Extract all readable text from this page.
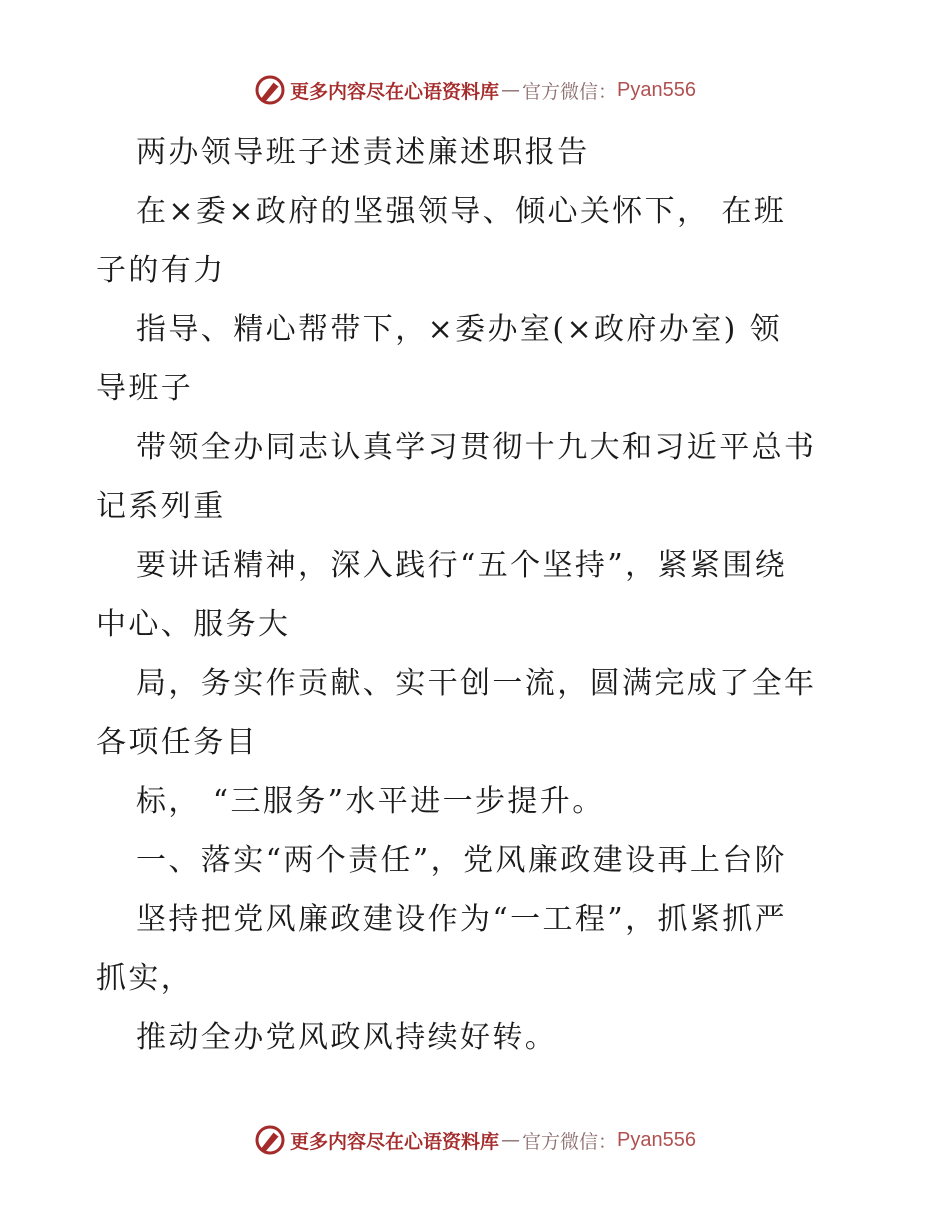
更多内容尽在心语资料库 — 官方微信： Pyan556
两办领导班子述责述廉述职报告
在×委×政府的坚强领导、倾心关怀下， 在班
子的有力
指导、精心帮带下，×委办室(×政府办室) 领
导班子
带领全办同志认真学习贯彻十九大和习近平总书
记系列重
要讲话精神，深入践行“五个坚持”，紧紧围绕
中心、服务大
局，务实作贡献、实干创一流，圆满完成了全年
各项任务目
标， “三服务”水平进一步提升。
一、落实“两个责任”，党风廉政建设再上台阶
坚持把党风廉政建设作为“一工程”，抓紧抓严
抓实，
推动全办党风政风持续好转。
更多内容尽在心语资料库 — 官方微信： Pyan556
